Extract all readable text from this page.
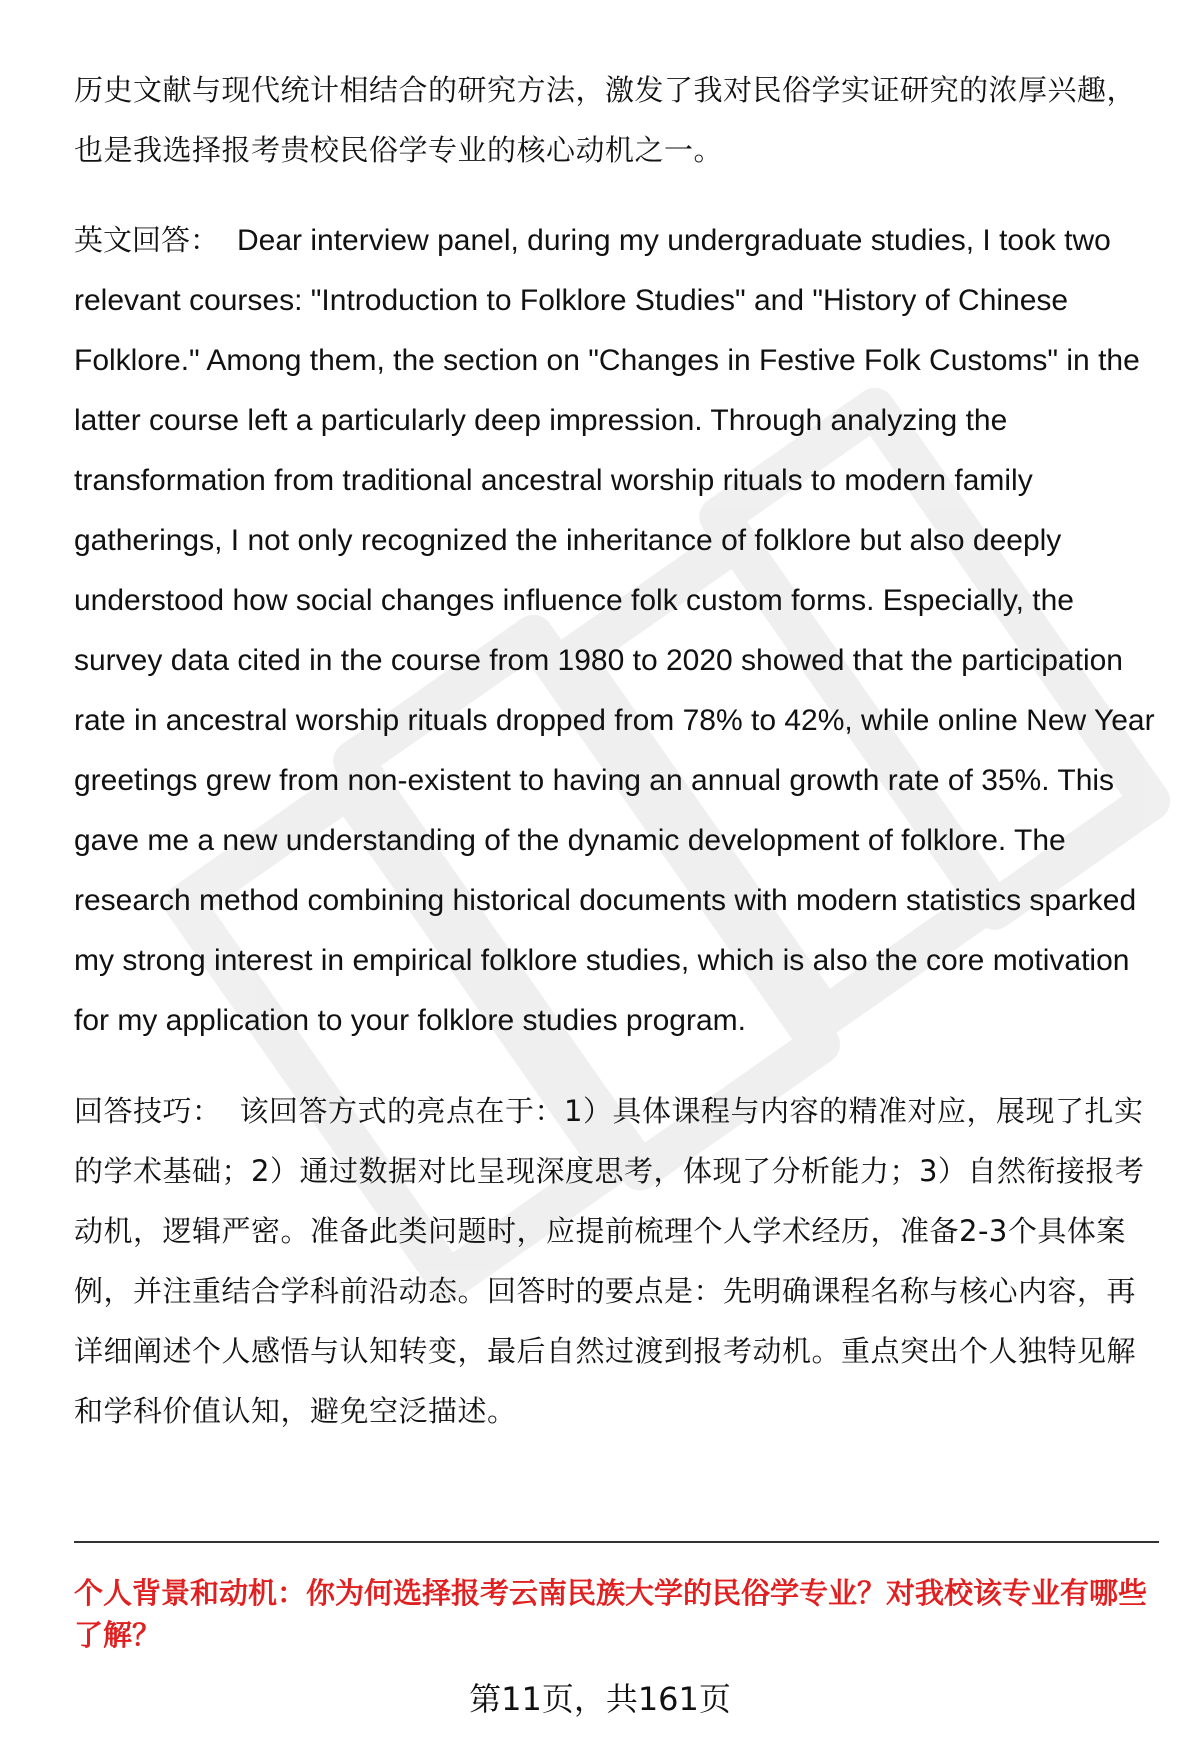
历史文献与现代统计相结合的研究方法，激发了我对民俗学实证研究的浓厚兴趣，也是我选择报考贵校民俗学专业的核心动机之一。

英文回答： Dear interview panel, during my undergraduate studies, I took two relevant courses: "Introduction to Folklore Studies" and "History of Chinese Folklore." Among them, the section on "Changes in Festive Folk Customs" in the latter course left a particularly deep impression. Through analyzing the transformation from traditional ancestral worship rituals to modern family gatherings, I not only recognized the inheritance of folklore but also deeply understood how social changes influence folk custom forms. Especially, the survey data cited in the course from 1980 to 2020 showed that the participation rate in ancestral worship rituals dropped from 78% to 42%, while online New Year greetings grew from non-existent to having an annual growth rate of 35%. This gave me a new understanding of the dynamic development of folklore. The research method combining historical documents with modern statistics sparked my strong interest in empirical folklore studies, which is also the core motivation for my application to your folklore studies program.

回答技巧： 该回答方式的亮点在于：1）具体课程与内容的精准对应，展现了扎实的学术基础；2）通过数据对比呈现深度思考，体现了分析能力；3）自然衔接报考动机，逻辑严密。准备此类问题时，应提前梳理个人学术经历，准备2-3个具体案例，并注重结合学科前沿动态。回答时的要点是：先明确课程名称与核心内容，再详细阐述个人感悟与认知转变，最后自然过渡到报考动机。重点突出个人独特见解和学科价值认知，避免空泛描述。

个人背景和动机：你为何选择报考云南民族大学的民俗学专业？对我校该专业有哪些了解？

第11页，共161页
